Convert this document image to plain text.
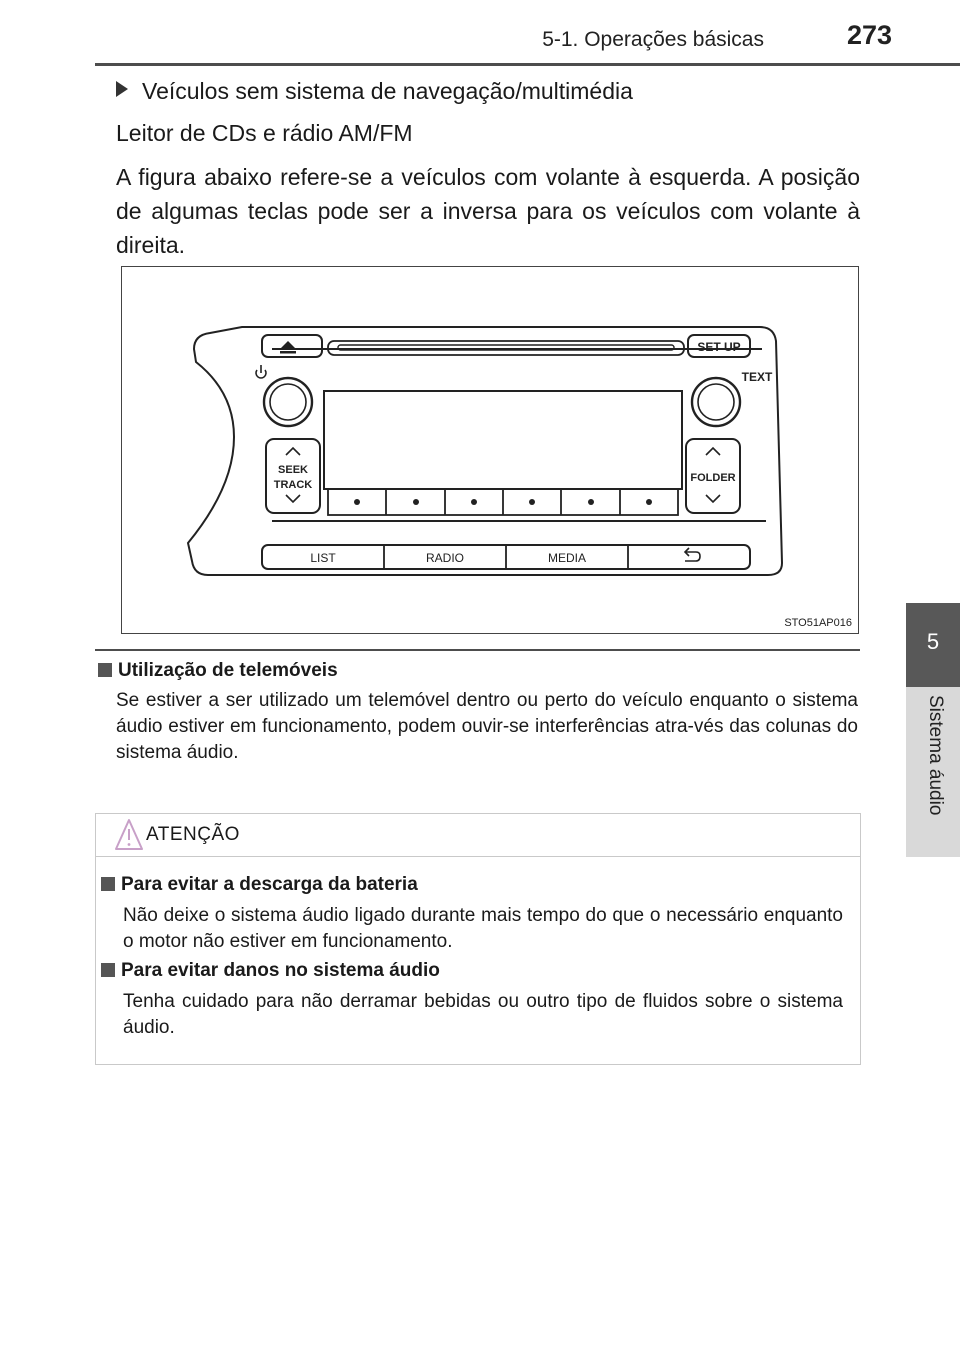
5-1. Operações básicas	273
5
Sistema áudio
Veículos sem sistema de navegação/multimédia
Leitor de CDs e rádio AM/FM
A figura abaixo refere-se a veículos com volante à esquerda. A posição de algumas teclas pode ser a inversa para os veículos com volante à direita.
SET UP
TEXT
SEEK
TRACK
FOLDER
LIST	RADIO	MEDIA
STO51AP016
Utilização de telemóveis
Se estiver a ser utilizado um telemóvel dentro ou perto do veículo enquanto o sistema áudio estiver em funcionamento, podem ouvir-se interferências atra-vés das colunas do sistema áudio.
ATENÇÃO
Para evitar a descarga da bateria
Não deixe o sistema áudio ligado durante mais tempo do que o necessário enquanto o motor não estiver em funcionamento.
Para evitar danos no sistema áudio
Tenha cuidado para não derramar bebidas ou outro tipo de fluidos sobre o sistema áudio.
